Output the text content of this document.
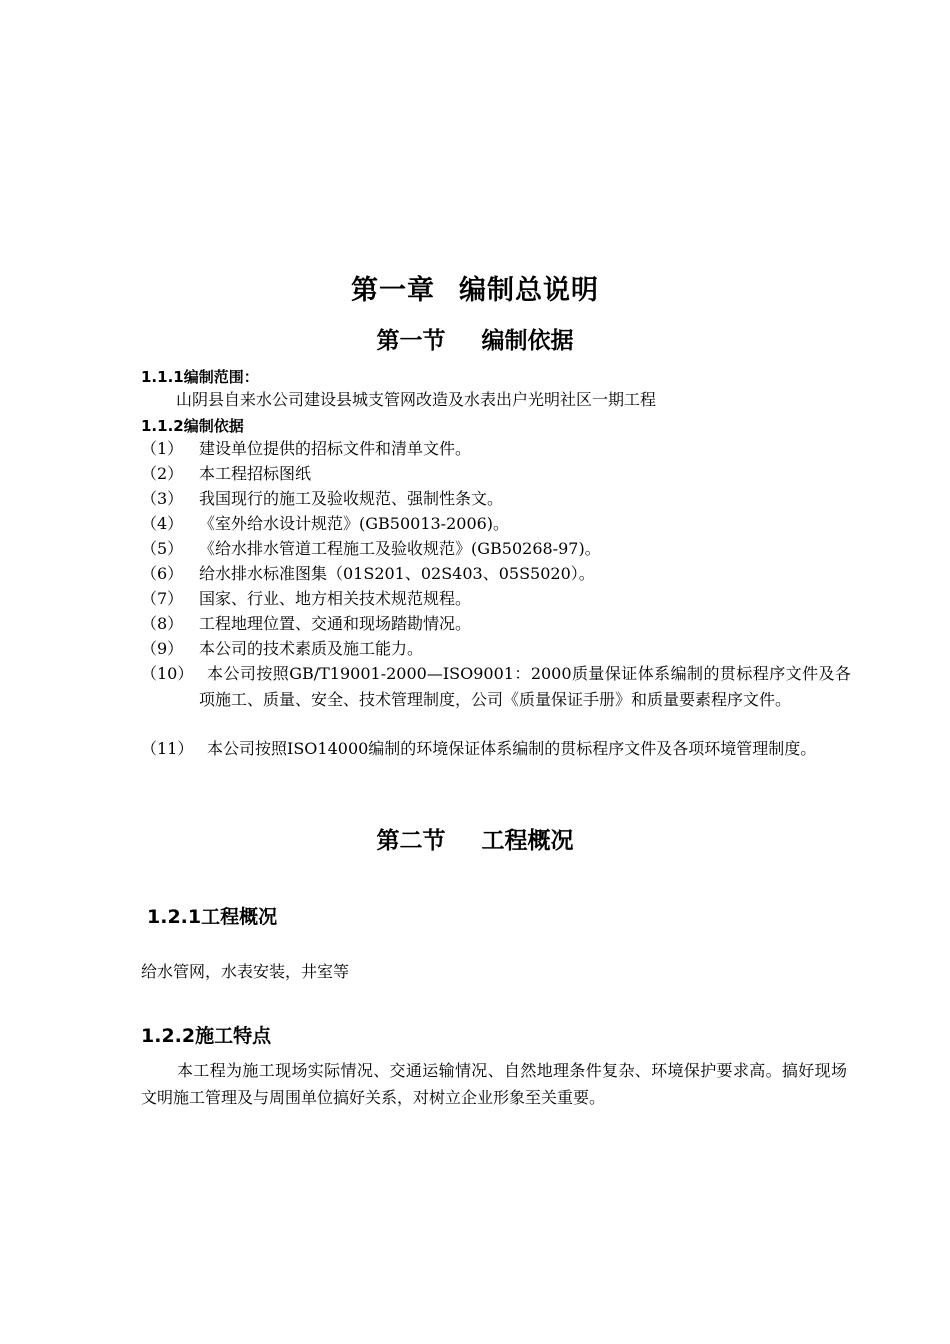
第一章 编制总说明
第一节 编制依据
1.1.1编制范围：
山阴县自来水公司建设县城支管网改造及水表出户光明社区一期工程
1.1.2编制依据
（1） 建设单位提供的招标文件和清单文件。
（2） 本工程招标图纸
（3） 我国现行的施工及验收规范、强制性条文。
（4） 《室外给水设计规范》(GB50013-2006)。
（5） 《给水排水管道工程施工及验收规范》(GB50268-97)。
（6） 给水排水标准图集（01S201、02S403、05S5020）。
（7） 国家、行业、地方相关技术规范规程。
（8） 工程地理位置、交通和现场踏勘情况。
（9） 本公司的技术素质及施工能力。
（10） 本公司按照GB/T19001-2000—ISO9001：2000质量保证体系编制的贯标程序文件及各项施工、质量、安全、技术管理制度，公司《质量保证手册》和质量要素程序文件。
（11） 本公司按照ISO14000编制的环境保证体系编制的贯标程序文件及各项环境管理制度。
第二节 工程概况
1.2.1工程概况
给水管网，水表安装，井室等
1.2.2施工特点
本工程为施工现场实际情况、交通运输情况、自然地理条件复杂、环境保护要求高。搞好现场文明施工管理及与周围单位搞好关系，对树立企业形象至关重要。
